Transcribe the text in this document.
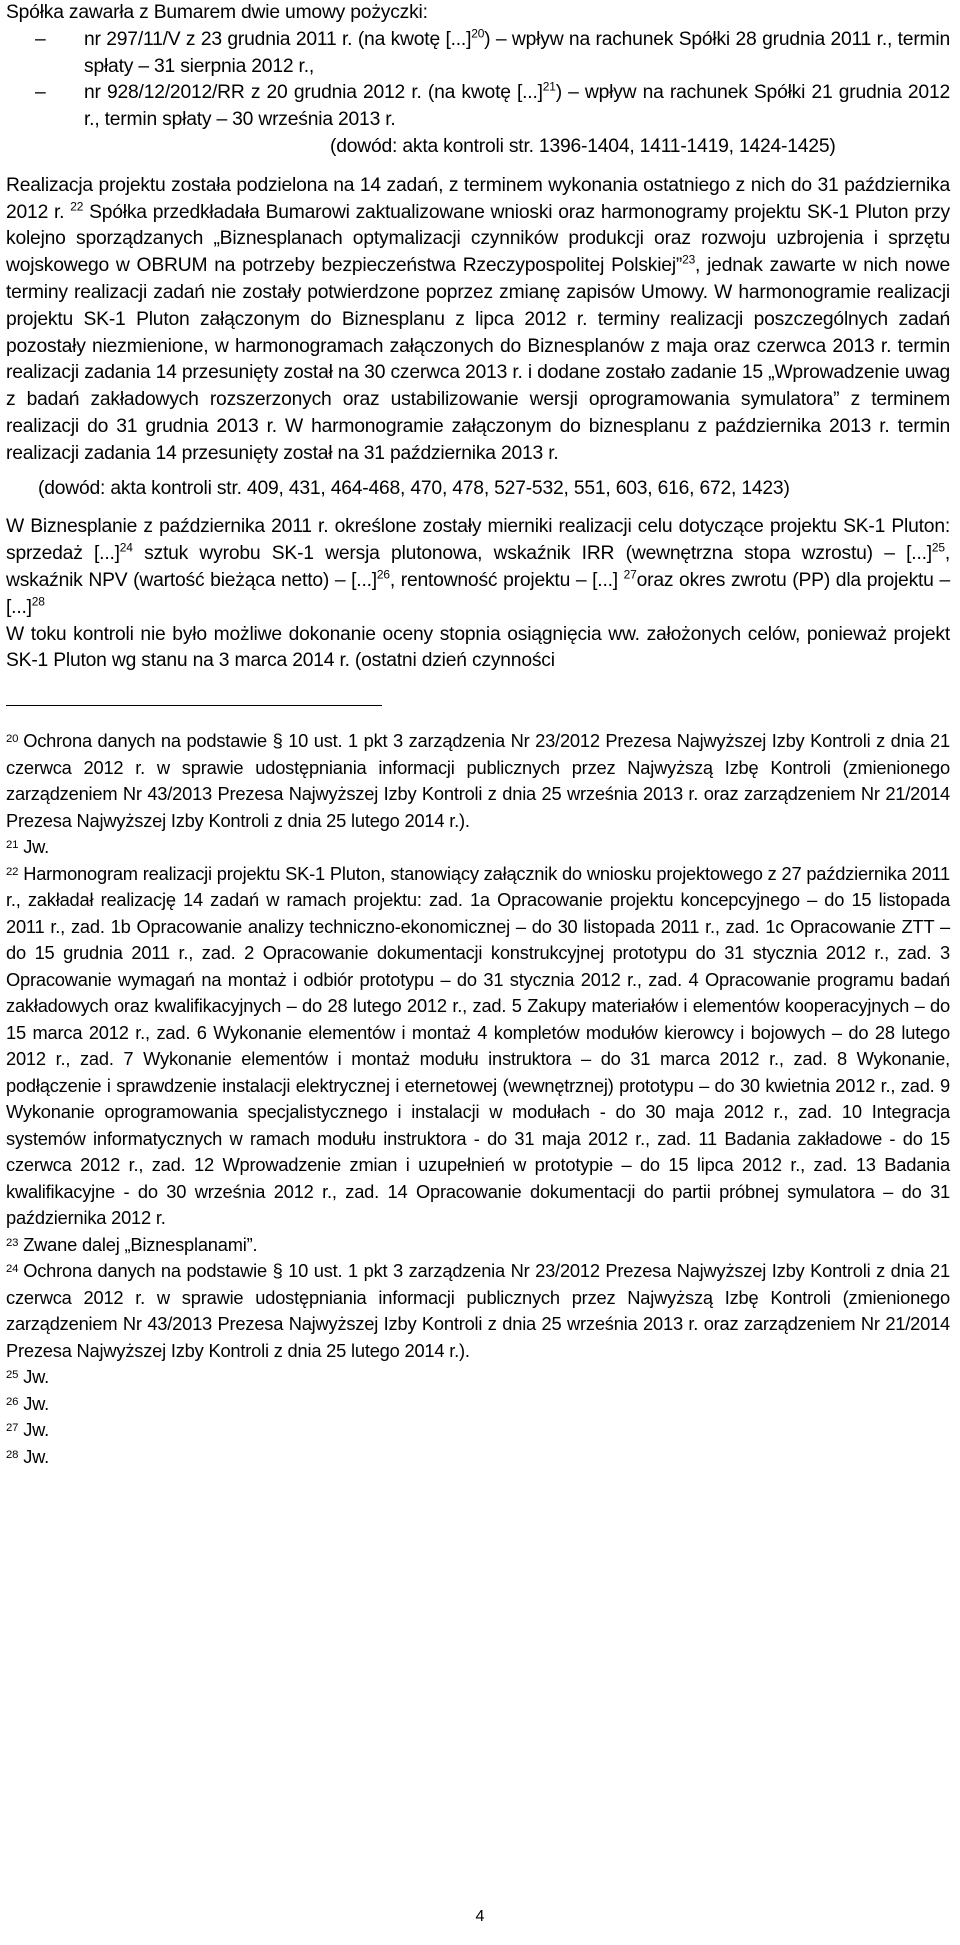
Spółka zawarła z Bumarem dwie umowy pożyczki:

– nr 297/11/V z 23 grudnia 2011 r. (na kwotę [...]$^{20}$) – wpływ na rachunek Spółki 28 grudnia 2011 r., termin spłaty – 31 sierpnia 2012 r.,

– nr 928/12/2012/RR z 20 grudnia 2012 r. (na kwotę [...]$^{21}$) – wpływ na rachunek Spółki 21 grudnia 2012 r., termin spłaty – 30 września 2013 r.

(dowód: akta kontroli str. 1396-1404, 1411-1419, 1424-1425)

Realizacja projektu została podzielona na 14 zadań, z terminem wykonania ostatniego z nich do 31 października 2012 r. $^{22}$ Spółka przedkładała Bumarowi zaktualizowane wnioski oraz harmonogramy projektu SK-1 Pluton przy kolejno sporządzanych „Biznesplanach optymalizacji czynników produkcji oraz rozwoju uzbrojenia i sprzętu wojskowego w OBRUM na potrzeby bezpieczeństwa Rzeczypospolitej Polskiej”$^{23}$, jednak zawarte w nich nowe terminy realizacji zadań nie zostały potwierdzone poprzez zmianę zapisów Umowy. W harmonogramie realizacji projektu SK-1 Pluton załączonym do Biznesplanu z lipca 2012 r. terminy realizacji poszczególnych zadań pozostały niezmienione, w harmonogramach załączonych do Biznesplanów z maja oraz czerwca 2013 r. termin realizacji zadania 14 przesunięty został na 30 czerwca 2013 r. i dodane zostało zadanie 15 „Wprowadzenie uwag z badań zakładowych rozszerzonych oraz ustabilizowanie wersji oprogramowania symulatora” z terminem realizacji do 31 grudnia 2013 r. W harmonogramie załączonym do biznesplanu z października 2013 r. termin realizacji zadania 14 przesunięty został na 31 października 2013 r.

(dowód: akta kontroli str. 409, 431, 464-468, 470, 478, 527-532, 551, 603, 616, 672, 1423)

W Biznesplanie z października 2011 r. określone zostały mierniki realizacji celu dotyczące projektu SK-1 Pluton: sprzedaż [...]$^{24}$ sztuk wyrobu SK-1 wersja plutonowa, wskaźnik IRR (wewnętrzna stopa wzrostu) – [...]$^{25}$, wskaźnik NPV (wartość bieżąca netto) – [...]$^{26}$, rentowność projektu – [...] $^{27}$oraz okres zwrotu (PP) dla projektu – [...]$^{28}$

W toku kontroli nie było możliwe dokonanie oceny stopnia osiągnięcia ww. założonych celów, ponieważ projekt SK-1 Pluton wg stanu na 3 marca 2014 r. (ostatni dzień czynności

$^{20}$ Ochrona danych na podstawie § 10 ust. 1 pkt 3 zarządzenia Nr 23/2012 Prezesa Najwyższej Izby Kontroli z dnia 21 czerwca 2012 r. w sprawie udostępniania informacji publicznych przez Najwyższą Izbę Kontroli (zmienionego zarządzeniem Nr 43/2013 Prezesa Najwyższej Izby Kontroli z dnia 25 września 2013 r. oraz zarządzeniem Nr 21/2014 Prezesa Najwyższej Izby Kontroli z dnia 25 lutego 2014 r.).

$^{21}$ Jw.

$^{22}$ Harmonogram realizacji projektu SK-1 Pluton, stanowiący załącznik do wniosku projektowego z 27 października 2011 r., zakładał realizację 14 zadań w ramach projektu: zad. 1a Opracowanie projektu koncepcyjnego – do 15 listopada 2011 r., zad. 1b Opracowanie analizy techniczno-ekonomicznej – do 30 listopada 2011 r., zad. 1c Opracowanie ZTT – do 15 grudnia 2011 r., zad. 2 Opracowanie dokumentacji konstrukcyjnej prototypu do 31 stycznia 2012 r., zad. 3 Opracowanie wymagań na montaż i odbiór prototypu – do 31 stycznia 2012 r., zad. 4 Opracowanie programu badań zakładowych oraz kwalifikacyjnych – do 28 lutego 2012 r., zad. 5 Zakupy materiałów i elementów kooperacyjnych – do 15 marca 2012 r., zad. 6 Wykonanie elementów i montaż 4 kompletów modułów kierowcy i bojowych – do 28 lutego 2012 r., zad. 7 Wykonanie elementów i montaż modułu instruktora – do 31 marca 2012 r., zad. 8 Wykonanie, podłączenie i sprawdzenie instalacji elektrycznej i eternetowej (wewnętrznej) prototypu – do 30 kwietnia 2012 r., zad. 9 Wykonanie oprogramowania specjalistycznego i instalacji w modułach - do 30 maja 2012 r., zad. 10 Integracja systemów informatycznych w ramach modułu instruktora - do 31 maja 2012 r., zad. 11 Badania zakładowe - do 15 czerwca 2012 r., zad. 12 Wprowadzenie zmian i uzupełnień w prototypie – do 15 lipca 2012 r., zad. 13 Badania kwalifikacyjne - do 30 września 2012 r., zad. 14 Opracowanie dokumentacji do partii próbnej symulatora – do 31 października 2012 r.

$^{23}$ Zwane dalej „Biznesplanami”.

$^{24}$ Ochrona danych na podstawie § 10 ust. 1 pkt 3 zarządzenia Nr 23/2012 Prezesa Najwyższej Izby Kontroli z dnia 21 czerwca 2012 r. w sprawie udostępniania informacji publicznych przez Najwyższą Izbę Kontroli (zmienionego zarządzeniem Nr 43/2013 Prezesa Najwyższej Izby Kontroli z dnia 25 września 2013 r. oraz zarządzeniem Nr 21/2014 Prezesa Najwyższej Izby Kontroli z dnia 25 lutego 2014 r.).

$^{25}$ Jw.

$^{26}$ Jw.

$^{27}$ Jw.

$^{28}$ Jw.

4
